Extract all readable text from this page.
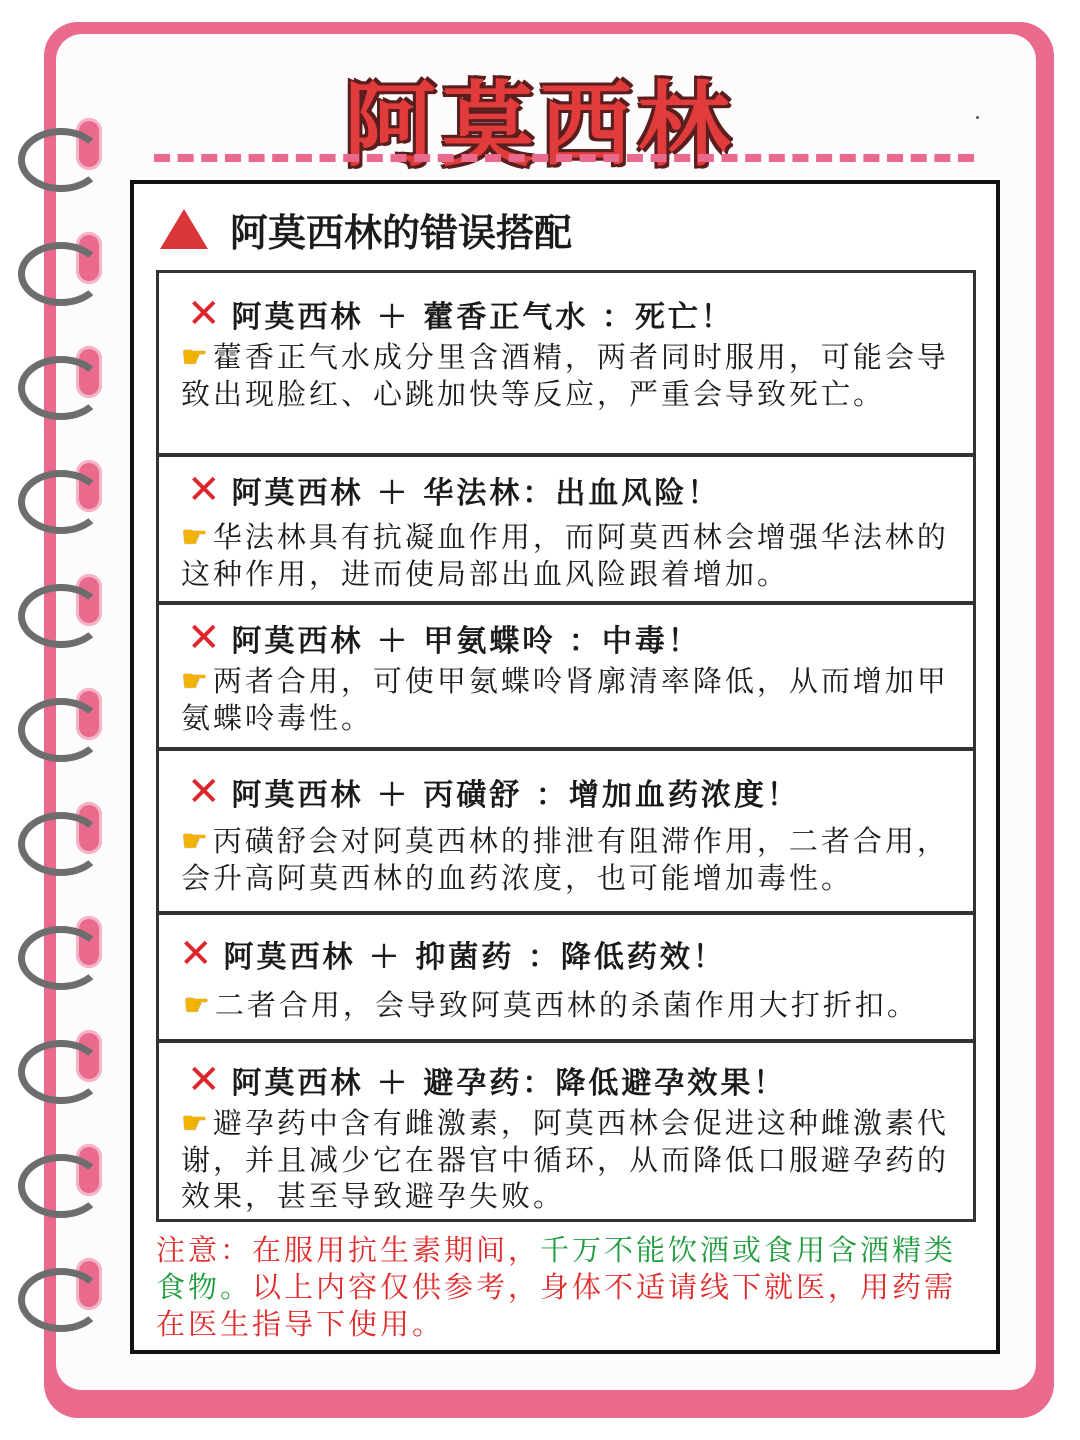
阿莫西林
阿莫西林的错误搭配
✕ 阿莫西林 ＋ 藿香正气水 ：死亡！
☛藿香正气水成分里含酒精，两者同时服用，可能会导致出现脸红、心跳加快等反应，严重会导致死亡。
✕ 阿莫西林 ＋ 华法林：出血风险！
☛华法林具有抗凝血作用，而阿莫西林会增强华法林的这种作用，进而使局部出血风险跟着增加。
✕ 阿莫西林 ＋ 甲氨蝶呤 ：中毒！
☛两者合用，可使甲氨蝶呤肾廓清率降低，从而增加甲氨蝶呤毒性。
✕ 阿莫西林 ＋ 丙磺舒 ：增加血药浓度！
☛丙磺舒会对阿莫西林的排泄有阻滞作用，二者合用，会升高阿莫西林的血药浓度，也可能增加毒性。
✕ 阿莫西林 ＋ 抑菌药 ：降低药效！
☛二者合用，会导致阿莫西林的杀菌作用大打折扣。
✕ 阿莫西林 ＋ 避孕药：降低避孕效果！
☛避孕药中含有雌激素，阿莫西林会促进这种雌激素代谢，并且减少它在器官中循环，从而降低口服避孕药的效果，甚至导致避孕失败。
注意：在服用抗生素期间，千万不能饮酒或食用含酒精类食物。以上内容仅供参考，身体不适请线下就医，用药需在医生指导下使用。
